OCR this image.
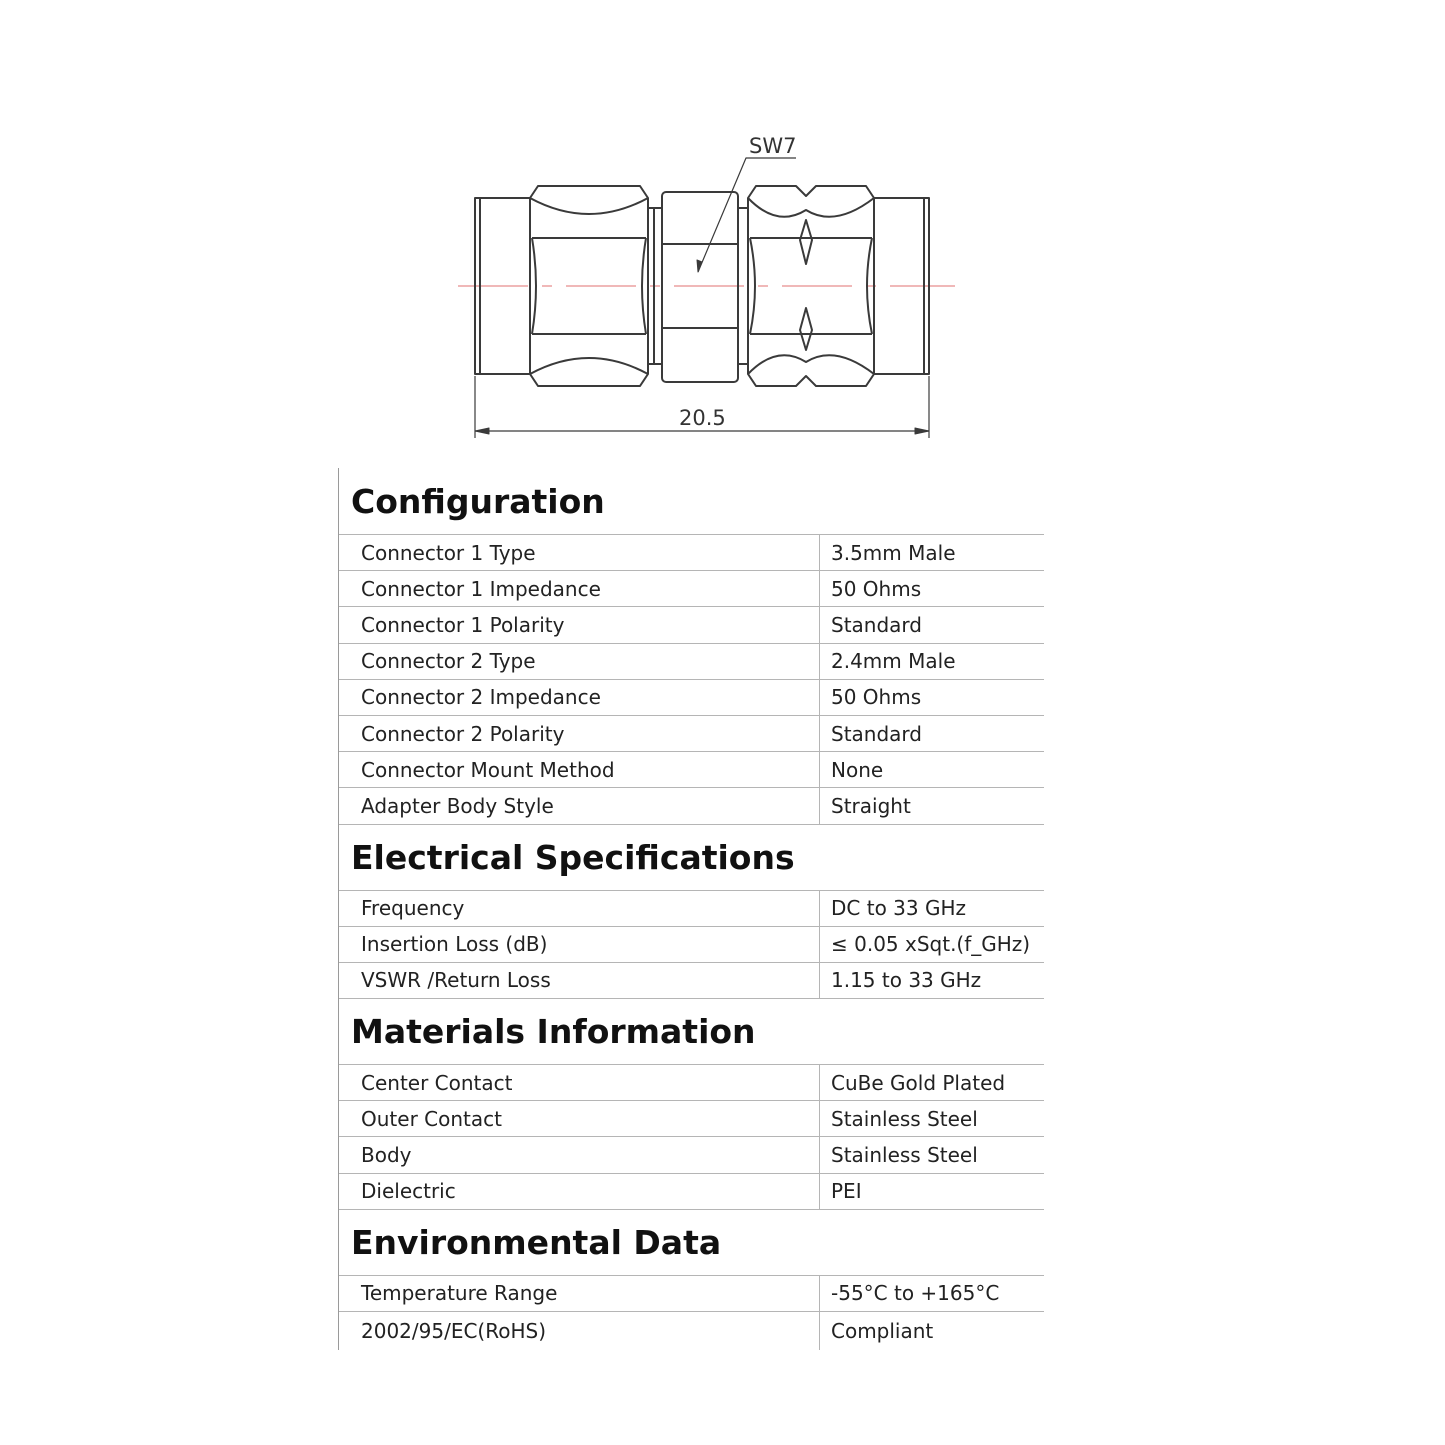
SW7
20.5
Configuration
Connector 1 Type	3.5mm Male
Connector 1 Impedance	50 Ohms
Connector 1 Polarity	Standard
Connector 2 Type	2.4mm Male
Connector 2 Impedance	50 Ohms
Connector 2 Polarity	Standard
Connector Mount Method	None
Adapter Body Style	Straight
Electrical Specifications
Frequency	DC to 33 GHz
Insertion Loss (dB)	≤ 0.05 xSqt.(f_GHz)
VSWR /Return Loss	1.15 to 33 GHz
Materials Information
Center Contact	CuBe Gold Plated
Outer Contact	Stainless Steel
Body	Stainless Steel
Dielectric	PEI
Environmental Data
Temperature Range	-55°C to +165°C
2002/95/EC(RoHS)	Compliant
